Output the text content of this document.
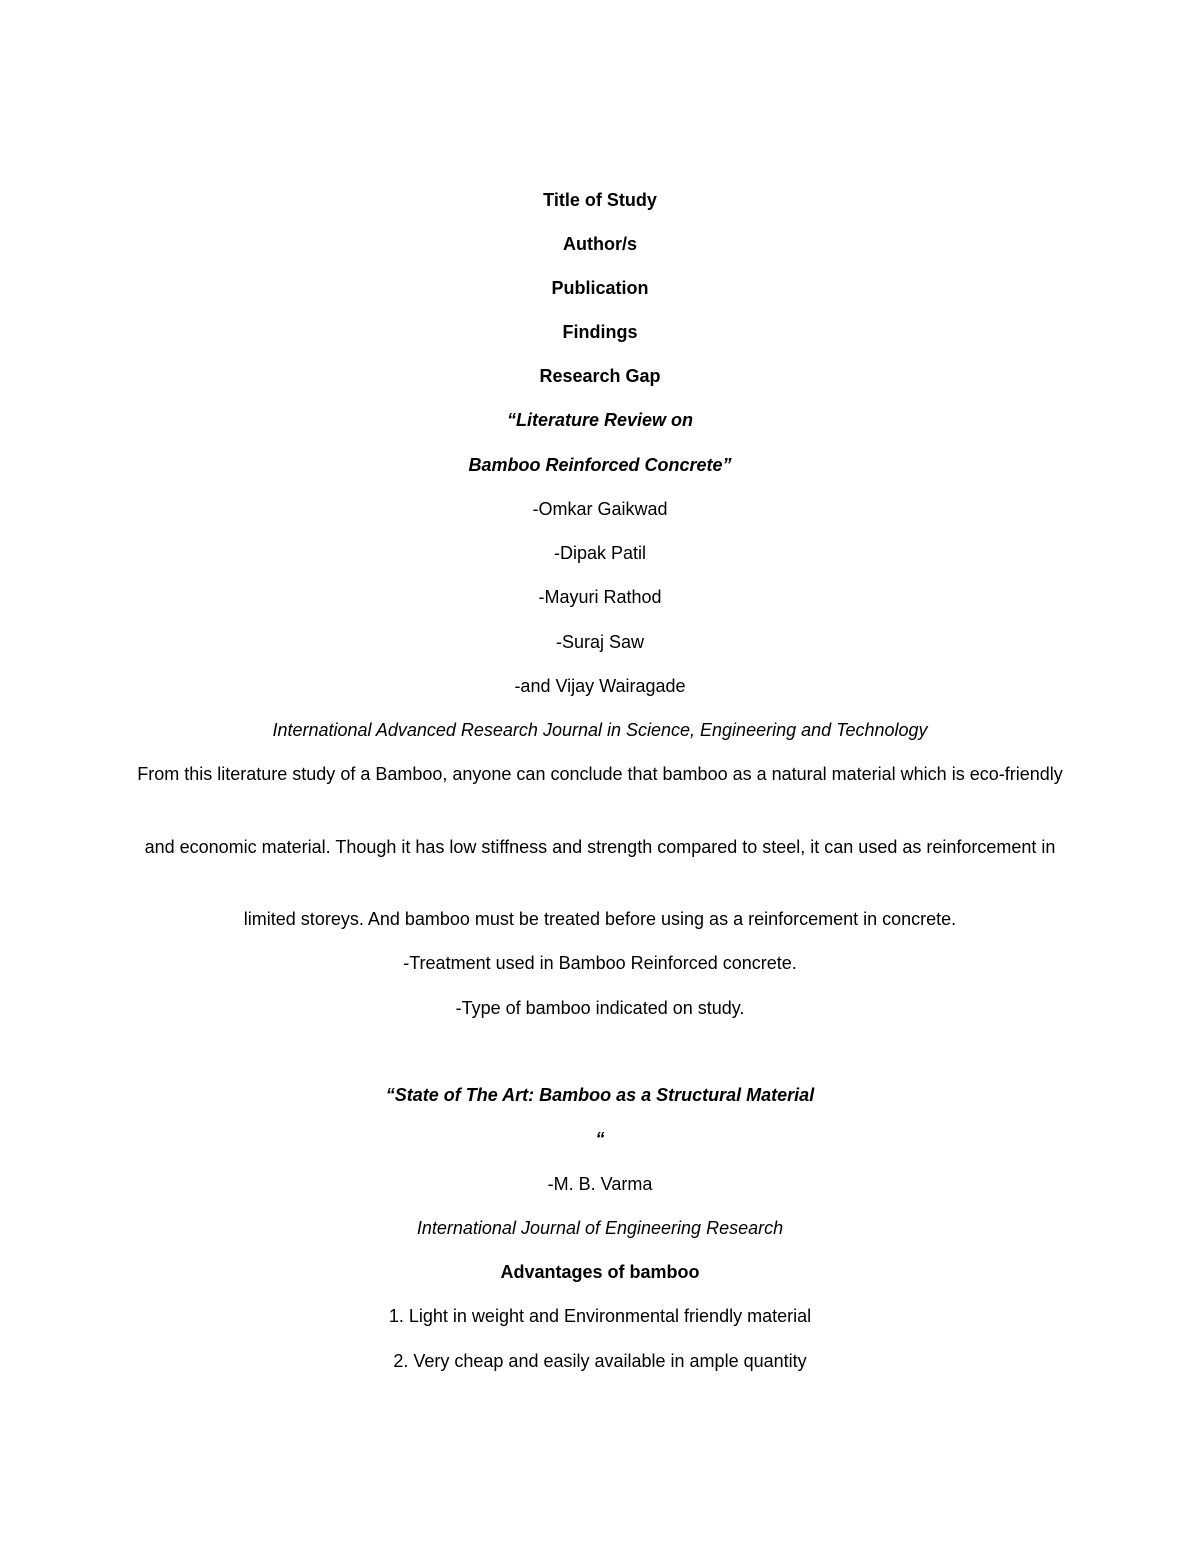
Title of Study
Author/s
Publication
Findings
Research Gap
“Literature Review on
Bamboo Reinforced Concrete”
-Omkar Gaikwad
-Dipak Patil
-Mayuri Rathod
-Suraj Saw
-and Vijay Wairagade
International Advanced Research Journal in Science, Engineering and Technology
From this literature study of a Bamboo, anyone can conclude that bamboo as a natural material which is eco-friendly
and economic material. Though it has low stiffness and strength compared to steel, it can used as reinforcement in
limited storeys. And bamboo must be treated before using as a reinforcement in concrete.
-Treatment used in Bamboo Reinforced concrete.
-Type of bamboo indicated on study.
“State of The Art: Bamboo as a Structural Material
“
-M. B. Varma
International Journal of Engineering Research
Advantages of bamboo
1. Light in weight and Environmental friendly material
2. Very cheap and easily available in ample quantity
